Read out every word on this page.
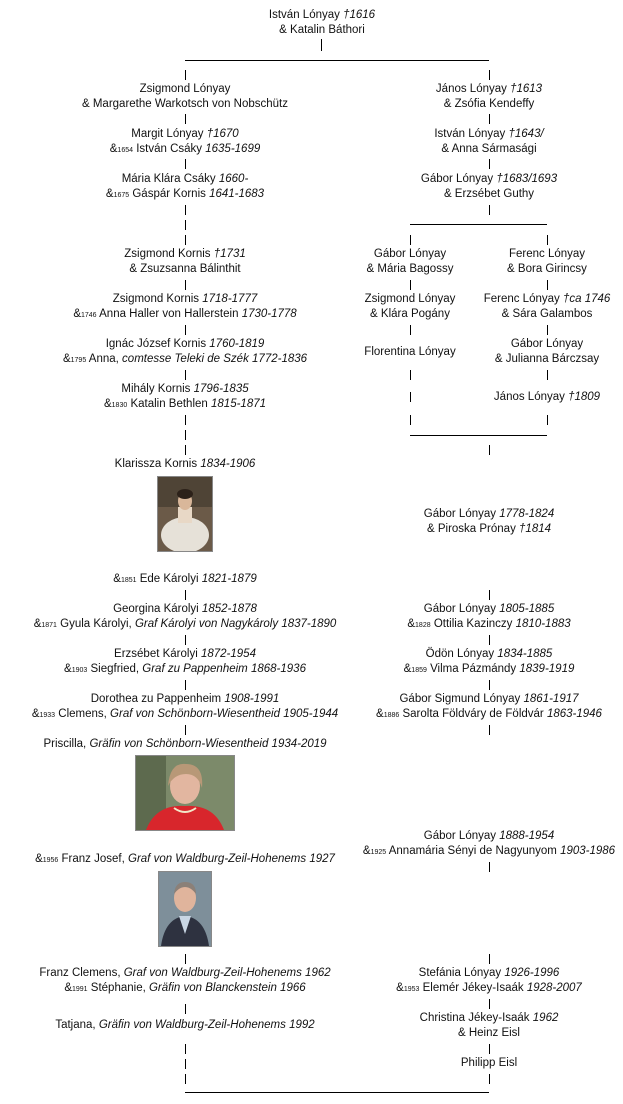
István Lónyay †1616
& Katalin Báthori
Zsigmond Lónyay
& Margarethe Warkotsch von Nobschütz
Margit Lónyay †1670
&1654 István Csáky 1635-1699
Mária Klára Csáky 1660-
&1675 Gáspár Kornis 1641-1683
Zsigmond Kornis †1731
& Zsuzsanna Bálinthit
Zsigmond Kornis 1718-1777
&1746 Anna Haller von Hallerstein 1730-1778
Ignác József Kornis 1760-1819
&1795 Anna, comtesse Teleki de Szék 1772-1836
Mihály Kornis 1796-1835
&1830 Katalin Bethlen 1815-1871
Klarissza Kornis 1834-1906
&1851 Ede Károlyi 1821-1879
Georgina Károlyi 1852-1878
&1871 Gyula Károlyi, Graf Károlyi von Nagykároly 1837-1890
Erzsébet Károlyi 1872-1954
&1903 Siegfried, Graf zu Pappenheim 1868-1936
Dorothea zu Pappenheim 1908-1991
&1933 Clemens, Graf von Schönborn-Wiesentheid 1905-1944
Priscilla, Gräfin von Schönborn-Wiesentheid 1934-2019
&1956 Franz Josef, Graf von Waldburg-Zeil-Hohenems 1927
Franz Clemens, Graf von Waldburg-Zeil-Hohenems 1962
&1991 Stéphanie, Gräfin von Blanckenstein 1966
Tatjana, Gräfin von Waldburg-Zeil-Hohenems 1992
János Lónyay †1613
& Zsófia Kendeffy
István Lónyay †1643/
& Anna Sármasági
Gábor Lónyay †1683/1693
& Erzsébet Guthy
Gábor Lónyay
& Mária Bagossy
Zsigmond Lónyay
& Klára Pogány
Florentina Lónyay
Ferenc Lónyay
& Bora Girincsy
Ferenc Lónyay †ca 1746
& Sára Galambos
Gábor Lónyay
& Julianna Bárczsay
János Lónyay †1809
Gábor Lónyay 1778-1824
& Piroska Prónay †1814
Gábor Lónyay 1805-1885
&1828 Ottilia Kazinczy 1810-1883
Ödön Lónyay 1834-1885
&1859 Vilma Pázmándy 1839-1919
Gábor Sigmund Lónyay 1861-1917
&1886 Sarolta Földváry de Földvár 1863-1946
Gábor Lónyay 1888-1954
&1925 Annamária Sényi de Nagyunyom 1903-1986
Stefánia Lónyay 1926-1996
&1953 Elemér Jékey-Isaák 1928-2007
Christina Jékey-Isaák 1962
& Heinz Eisl
Philipp Eisl
